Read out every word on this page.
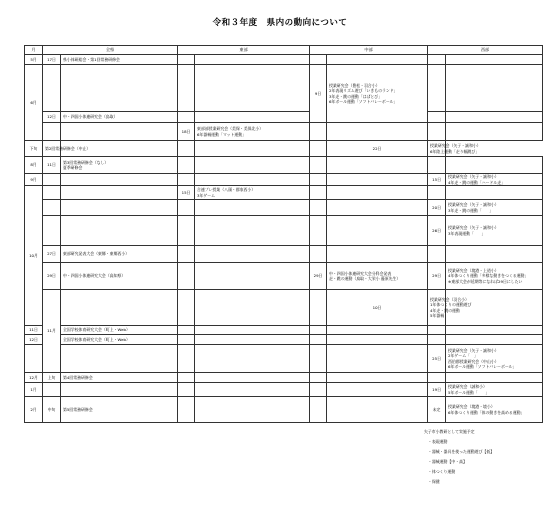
令和３年度　県内の動向について
月	全県		東部		中部		西部		
5月	17日	県小体研総会・第1回常務研修会							

6月					9日	授業研究会（豊松・羽合小）
2年表現リズム遊び「いきものランド」
3年走・跳の運動「はばとび」
6年ボール運動「ソフトバレーボール」			

	12日	中・四国小体連研究会（鳥取）							

			18日	東部部授業研究会（美保・美保北小）
6年器械運動「マット運動」					

下旬	第2回常務研修会（中止）					22日	授業研究会（矢子・誠和小）
6年陸上運動「走り幅跳び」		

8月	11日	第3回常務研修会（なし）
夏季研修会							

9月							15日	授業研究会（矢子・誠和小）
4年走・跳の運動「ハードル走」	

10月			15日	合連プレ授業（八頭・郡家西小）
3年ゲーム					

							20日	授業研究会（矢子・誠和小）
3年走・跳の運動「　　」	

							26日	授業研究会（矢子・誠和小）
3年表現運動「　　」	

	27日	東部研究発表大会（東郷・東郷西小）							

	29日	中・四国小体連研究大会（高知県）			29日	中・四国小体連研究大会分科会発表
走・跳の運動（鳥取・大栄小 藤原先生）	29日	授業研究会（境港・上道小）
4年体つくり運動「多様な動きをつくる運動」
※東部大会が延期等になれば29日にしたい	

	11月					10日	授業研究会（羽合小）
1年体つくりの運動遊び
4年走・跳の運動
5年器械		

11日		全国学校体育研究大会（町上・Web）							

12日		全国学校体育研究大会（町上・Web）							

							25日	授業研究会（矢子・誠和小）
2年ゲーム「　」
西伯郡授業研究会（中山小）
6年ボール運動「ソフトバレーボール」	

12月	上旬	第4回常務研修会							

1月							19日	授業研究会（誠和小）
5年ボール運動「　　」	

2月	中旬	第5回常務研修会					未定	授業研究会（境港・境小）
6年体つくり運動「体の動きを高める運動」	
矢子市小教研として実施予定
・表現運動
・器械・器具を使った運動遊び【低】
・器械運動【中・高】
・体つくり運動
・保健
